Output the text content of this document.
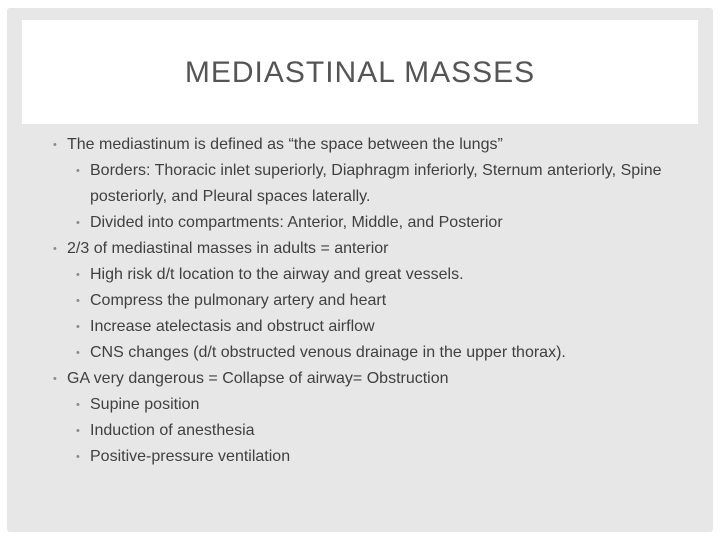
MEDIASTINAL MASSES
• The mediastinum is defined as “the space between the lungs”
• Borders: Thoracic inlet superiorly, Diaphragm inferiorly, Sternum anteriorly, Spine posteriorly, and Pleural spaces laterally.
• Divided into compartments: Anterior, Middle, and Posterior
• 2/3 of mediastinal masses in adults = anterior
• High risk d/t location to the airway and great vessels.
• Compress the pulmonary artery and heart
• Increase atelectasis and obstruct airflow
• CNS changes (d/t obstructed venous drainage in the upper thorax).
• GA very dangerous = Collapse of airway= Obstruction
• Supine position
• Induction of anesthesia
• Positive-pressure ventilation
